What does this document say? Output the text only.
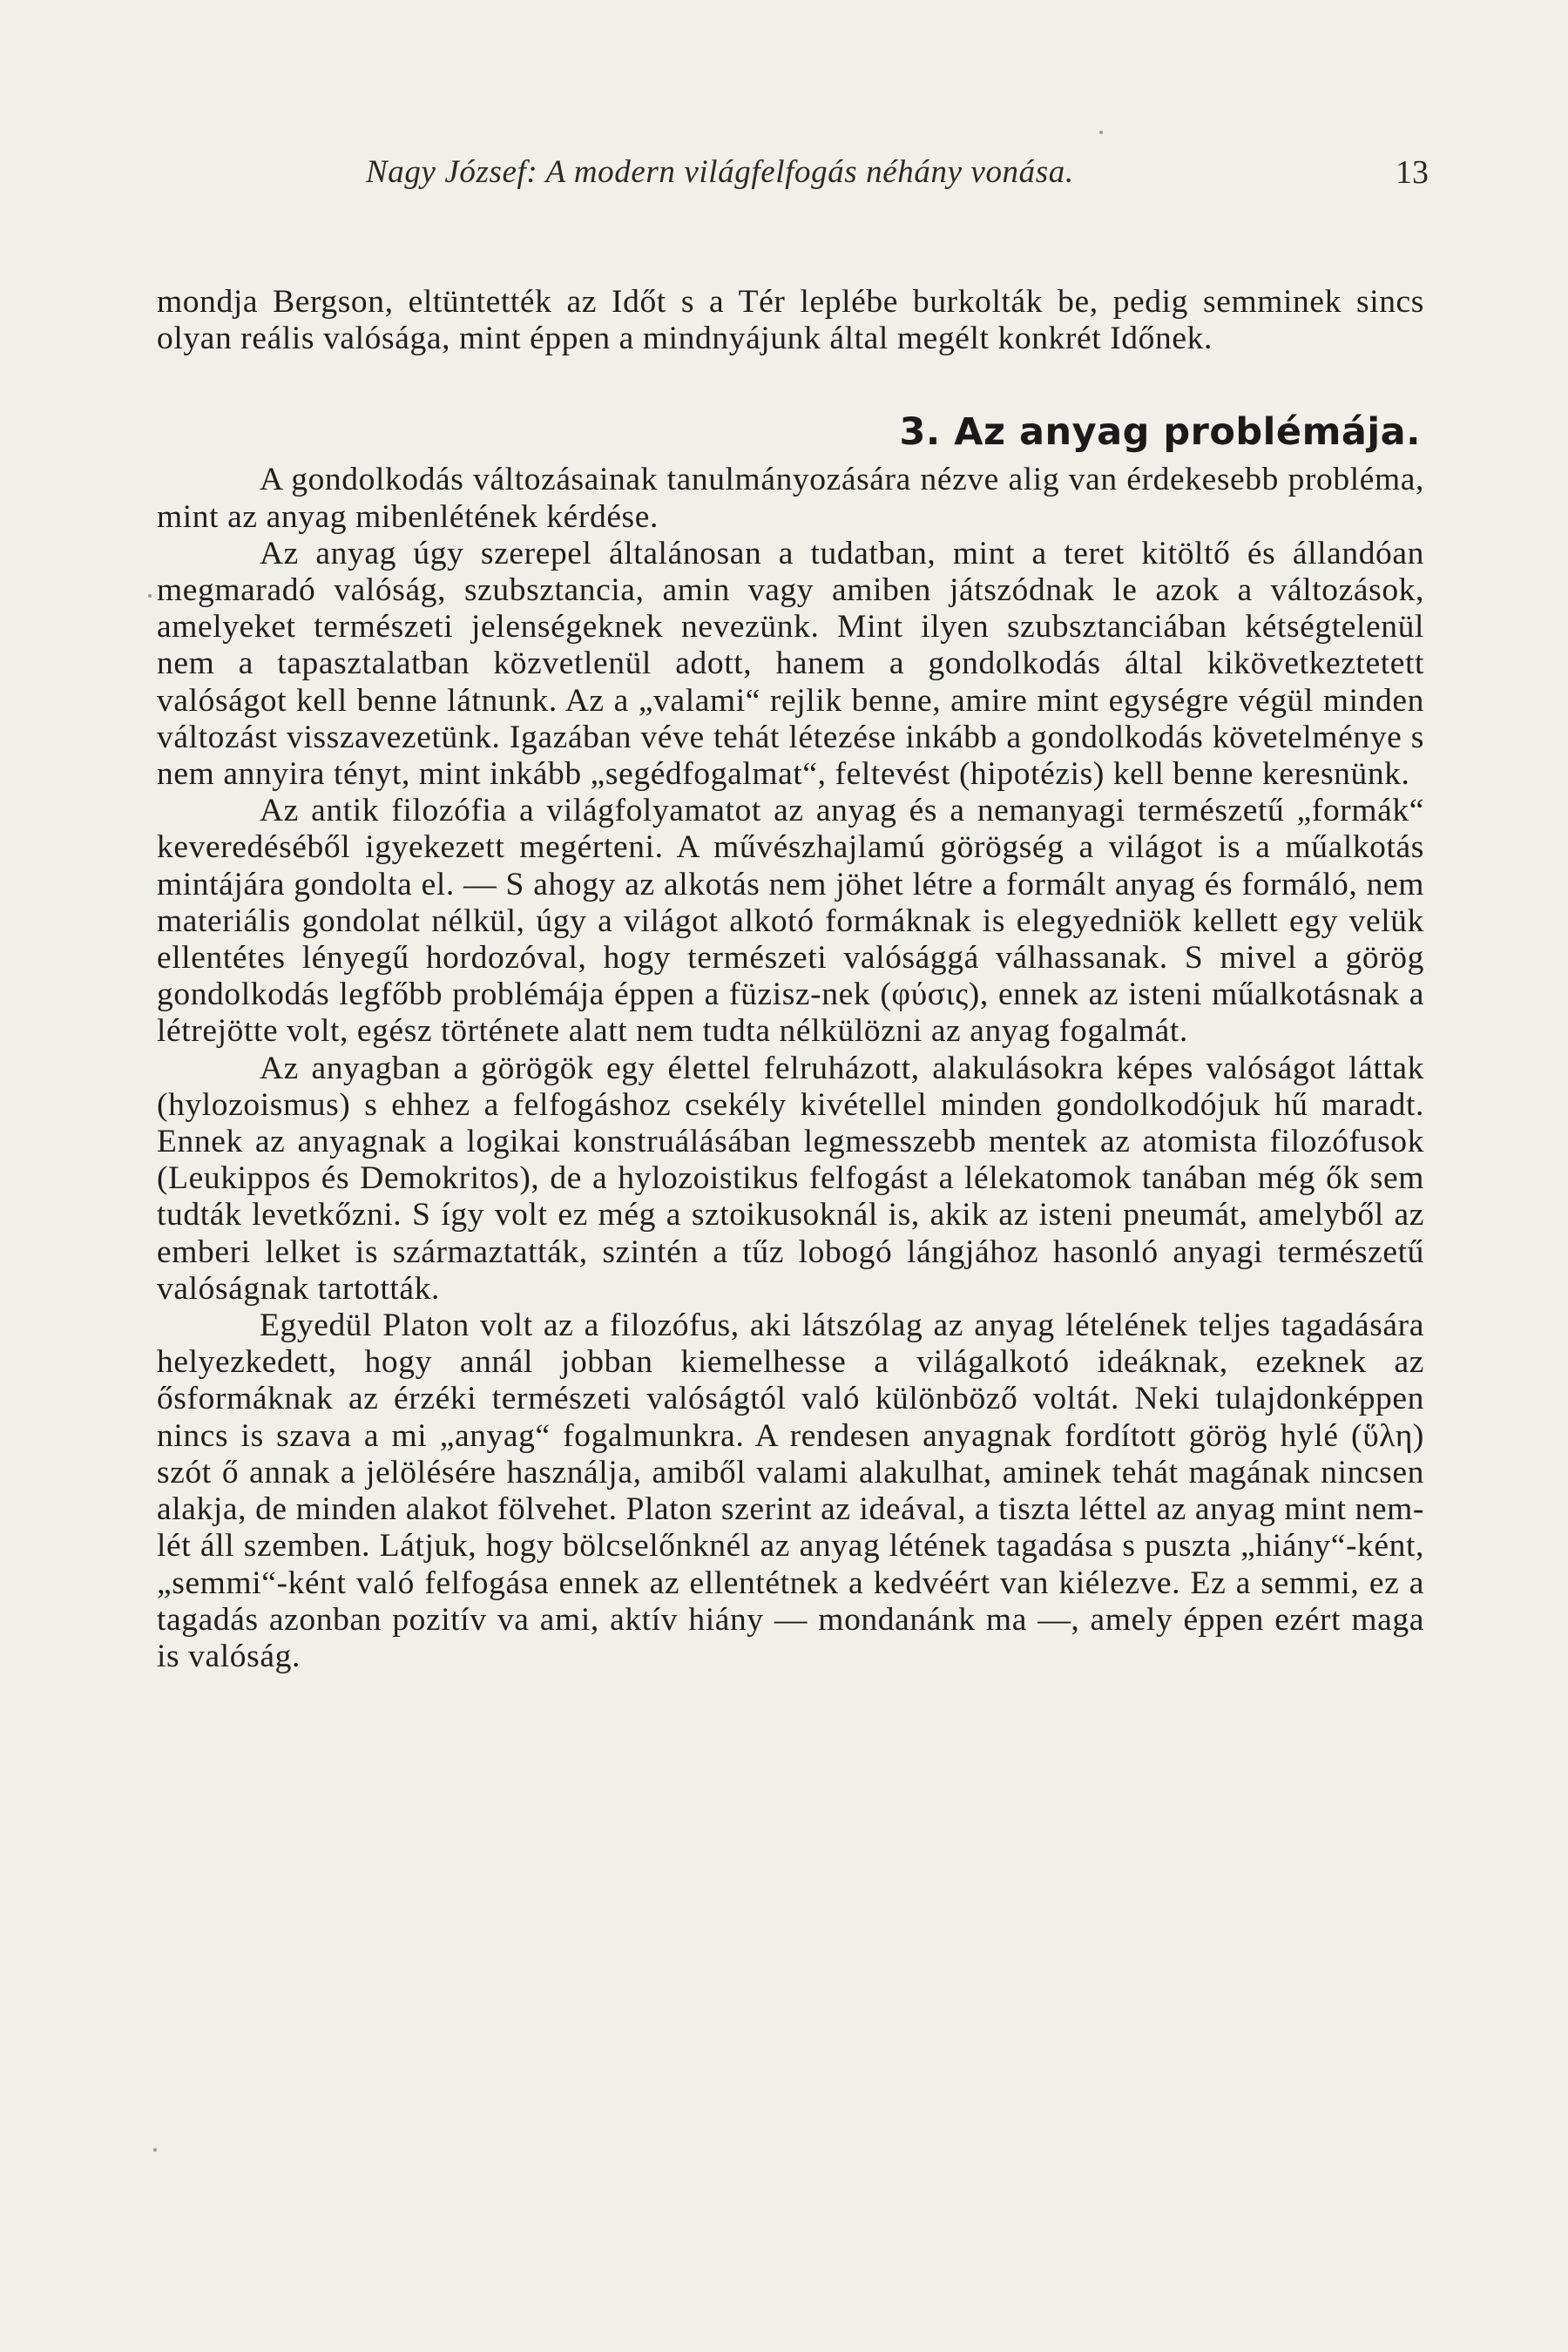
Nagy József: A modern világfelfogás néhány vonása.	13

mondja Bergson, eltüntették az Időt s a Tér leplébe burkolták be, pedig semminek sincs olyan reális valósága, mint éppen a mindnyájunk által megélt konkrét Időnek.

3. Az anyag problémája.

A gondolkodás változásainak tanulmányozására nézve alig van érdekesebb probléma, mint az anyag mibenlétének kérdése.

Az anyag úgy szerepel általánosan a tudatban, mint a teret kitöltő és állandóan megmaradó valóság, szubsztancia, amin vagy amiben játszódnak le azok a változások, amelyeket természeti jelenségeknek nevezünk. Mint ilyen szubsztanciában kétségtelenül nem a tapasztalatban közvetlenül adott, hanem a gondolkodás által kikövetkeztetett valóságot kell benne látnunk. Az a „valami“ rejlik benne, amire mint egységre végül minden változást visszavezetünk. Igazában véve tehát létezése inkább a gondolkodás követelménye s nem annyira tényt, mint inkább „segédfogalmat“, feltevést (hipotézis) kell benne keresnünk.

Az antik filozófia a világfolyamatot az anyag és a nemanyagi természetű „formák“ keveredéséből igyekezett megérteni. A művészhajlamú görögség a világot is a műalkotás mintájára gondolta el. — S ahogy az alkotás nem jöhet létre a formált anyag és formáló, nem materiális gondolat nélkül, úgy a világot alkotó formáknak is elegyedniök kellett egy velük ellentétes lényegű hordozóval, hogy természeti valósággá válhassanak. S mivel a görög gondolkodás legfőbb problémája éppen a füzisz-nek (φύσις), ennek az isteni műalkotásnak a létrejötte volt, egész története alatt nem tudta nélkülözni az anyag fogalmát.

Az anyagban a görögök egy élettel felruházott, alakulásokra képes valóságot láttak (hylozoismus) s ehhez a felfogáshoz csekély kivétellel minden gondolkodójuk hű maradt. Ennek az anyagnak a logikai konstruálásában legmesszebb mentek az atomista filozófusok (Leukippos és Demokritos), de a hylozoistikus felfogást a lélekatomok tanában még ők sem tudták levetkőzni. S így volt ez még a sztoikusoknál is, akik az isteni pneumát, amelyből az emberi lelket is származtatták, szintén a tűz lobogó lángjához hasonló anyagi természetű valóságnak tartották.

Egyedül Platon volt az a filozófus, aki látszólag az anyag lételének teljes tagadására helyezkedett, hogy annál jobban kiemelhesse a világalkotó ideáknak, ezeknek az ősformáknak az érzéki természeti valóságtól való különböző voltát. Neki tulajdonképpen nincs is szava a mi „anyag“ fogalmunkra. A rendesen anyagnak fordított görög hylé (ὕλη) szót ő annak a jelölésére használja, amiből valami alakulhat, aminek tehát magának nincsen alakja, de minden alakot fölvehet. Platon szerint az ideával, a tiszta léttel az anyag mint nem-lét áll szemben. Látjuk, hogy bölcselőnknél az anyag létének tagadása s puszta „hiány“-ként, „semmi“-ként való felfogása ennek az ellentétnek a kedvéért van kiélezve. Ez a semmi, ez a tagadás azonban pozitív va ami, aktív hiány — mondanánk ma —, amely éppen ezért maga is valóság.
